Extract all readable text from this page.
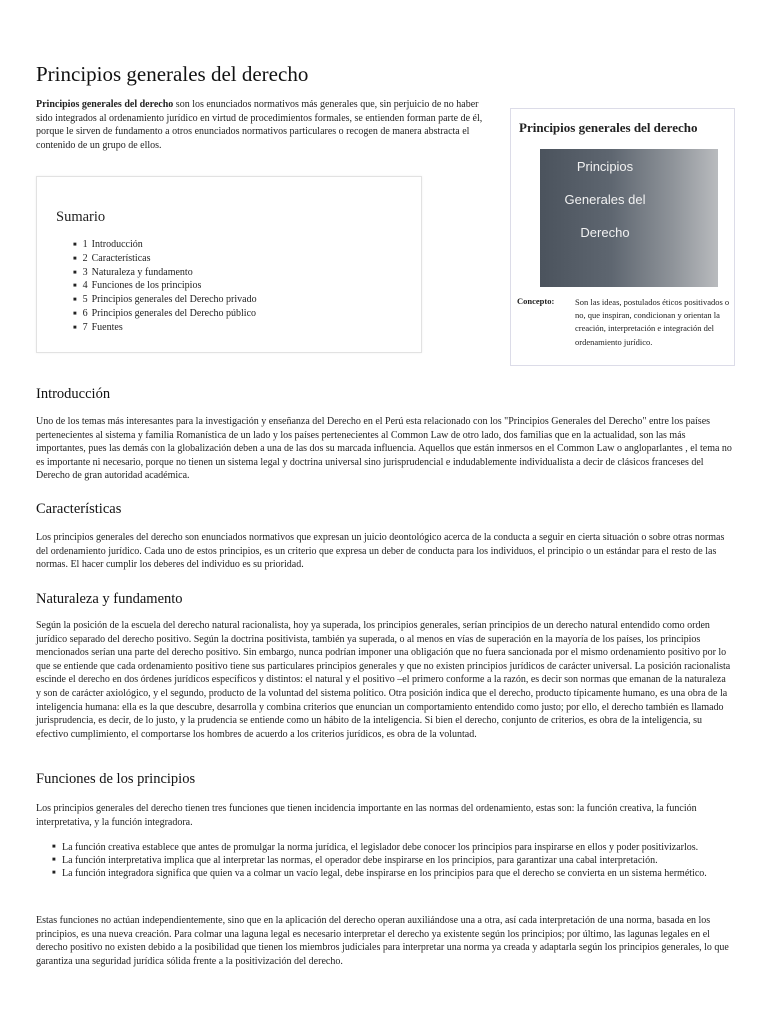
Principios generales del derecho

Principios generales del derecho son los enunciados normativos más generales que, sin perjuicio de no haber sido integrados al ordenamiento jurídico en virtud de procedimientos formales, se entienden forman parte de él, porque le sirven de fundamento a otros enunciados normativos particulares o recogen de manera abstracta el contenido de un grupo de ellos.

Sumario
■ 1 Introducción
■ 2 Características
■ 3 Naturaleza y fundamento
■ 4 Funciones de los principios
■ 5 Principios generales del Derecho privado
■ 6 Principios generales del Derecho público
■ 7 Fuentes
Principios generales del derecho
Principios
Generales del
Derecho
Concepto: Son las ideas, postulados éticos positivados o no, que inspiran, condicionan y orientan la creación, interpretación e integración del ordenamiento jurídico.
Introducción

Uno de los temas más interesantes para la investigación y enseñanza del Derecho en el Perú esta relacionado con los "Principios Generales del Derecho" entre los países pertenecientes al sistema y familia Romanística de un lado y los países pertenecientes al Common Law de otro lado, dos familias que en la actualidad, son las más importantes, pues las demás con la globalización deben a una de las dos su marcada influencia. Aquellos que están inmersos en el Common Law o angloparlantes , el tema no es importante ni necesario, porque no tienen un sistema legal y doctrina universal sino jurisprudencial e indudablemente individualista a decir de clásicos franceses del Derecho de gran autoridad académica.

Características

Los principios generales del derecho son enunciados normativos que expresan un juicio deontológico acerca de la conducta a seguir en cierta situación o sobre otras normas del ordenamiento jurídico. Cada uno de estos principios, es un criterio que expresa un deber de conducta para los individuos, el principio o un estándar para el resto de las normas. El hacer cumplir los deberes del individuo es su prioridad.

Naturaleza y fundamento

Según la posición de la escuela del derecho natural racionalista, hoy ya superada, los principios generales, serían principios de un derecho natural entendido como orden jurídico separado del derecho positivo. Según la doctrina positivista, también ya superada, o al menos en vías de superación en la mayoría de los países, los principios mencionados serían una parte del derecho positivo. Sin embargo, nunca podrían imponer una obligación que no fuera sancionada por el mismo ordenamiento positivo por lo que se entiende que cada ordenamiento positivo tiene sus particulares principios generales y que no existen principios jurídicos de carácter universal. La posición racionalista escinde el derecho en dos órdenes jurídicos específicos y distintos: el natural y el positivo –el primero conforme a la razón, es decir son normas que emanan de la naturaleza y son de carácter axiológico, y el segundo, producto de la voluntad del sistema político. Otra posición indica que el derecho, producto típicamente humano, es una obra de la inteligencia humana: ella es la que descubre, desarrolla y combina criterios que enuncian un comportamiento entendido como justo; por ello, el derecho también es llamado jurisprudencia, es decir, de lo justo, y la prudencia se entiende como un hábito de la inteligencia. Si bien el derecho, conjunto de criterios, es obra de la inteligencia, su efectivo cumplimiento, el comportarse los hombres de acuerdo a los criterios jurídicos, es obra de la voluntad.

Funciones de los principios

Los principios generales del derecho tienen tres funciones que tienen incidencia importante en las normas del ordenamiento, estas son: la función creativa, la función interpretativa, y la función integradora.

■ La función creativa establece que antes de promulgar la norma jurídica, el legislador debe conocer los principios para inspirarse en ellos y poder positivizarlos.
■ La función interpretativa implica que al interpretar las normas, el operador debe inspirarse en los principios, para garantizar una cabal interpretación.
■ La función integradora significa que quien va a colmar un vacío legal, debe inspirarse en los principios para que el derecho se convierta en un sistema hermético.

Estas funciones no actúan independientemente, sino que en la aplicación del derecho operan auxiliándose una a otra, así cada interpretación de una norma, basada en los principios, es una nueva creación. Para colmar una laguna legal es necesario interpretar el derecho ya existente según los principios; por último, las lagunas legales en el derecho positivo no existen debido a la posibilidad que tienen los miembros judiciales para interpretar una norma ya creada y adaptarla según los principios generales, lo que garantiza una seguridad jurídica sólida frente a la positivización del derecho.
